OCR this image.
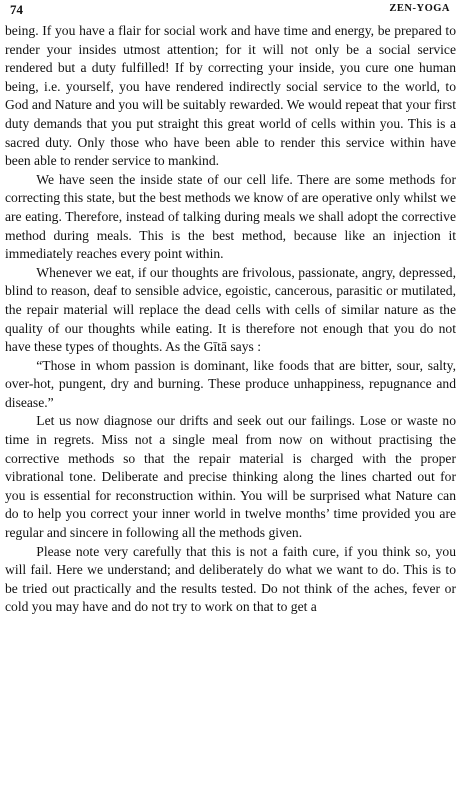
74	ZEN-YOGA

being. If you have a flair for social work and have time and energy, be prepared to render your insides utmost attention; for it will not only be a social service rendered but a duty fulfilled! If by correcting your inside, you cure one human being, i.e. yourself, you have rendered indirectly social service to the world, to God and Nature and you will be suitably rewarded. We would repeat that your first duty demands that you put straight this great world of cells within you. This is a sacred duty. Only those who have been able to render this service within have been able to render service to mankind.

We have seen the inside state of our cell life. There are some methods for correcting this state, but the best methods we know of are operative only whilst we are eating. Therefore, instead of talking during meals we shall adopt the corrective method during meals. This is the best method, because like an injection it immediately reaches every point within.

Whenever we eat, if our thoughts are frivolous, passionate, angry, depressed, blind to reason, deaf to sensible advice, egoistic, cancerous, parasitic or mutilated, the repair material will replace the dead cells with cells of similar nature as the quality of our thoughts while eating. It is therefore not enough that you do not have these types of thoughts. As the Gītā says :

“Those in whom passion is dominant, like foods that are bitter, sour, salty, over-hot, pungent, dry and burning. These produce unhappiness, repugnance and disease.”

Let us now diagnose our drifts and seek out our failings. Lose or waste no time in regrets. Miss not a single meal from now on without practising the corrective methods so that the repair material is charged with the proper vibrational tone. Deliberate and precise thinking along the lines charted out for you is essential for reconstruction within. You will be surprised what Nature can do to help you correct your inner world in twelve months’ time provided you are regular and sincere in following all the methods given.

Please note very carefully that this is not a faith cure, if you think so, you will fail. Here we understand; and deliberately do what we want to do. This is to be tried out practically and the results tested. Do not think of the aches, fever or cold you may have and do not try to work on that to get a
